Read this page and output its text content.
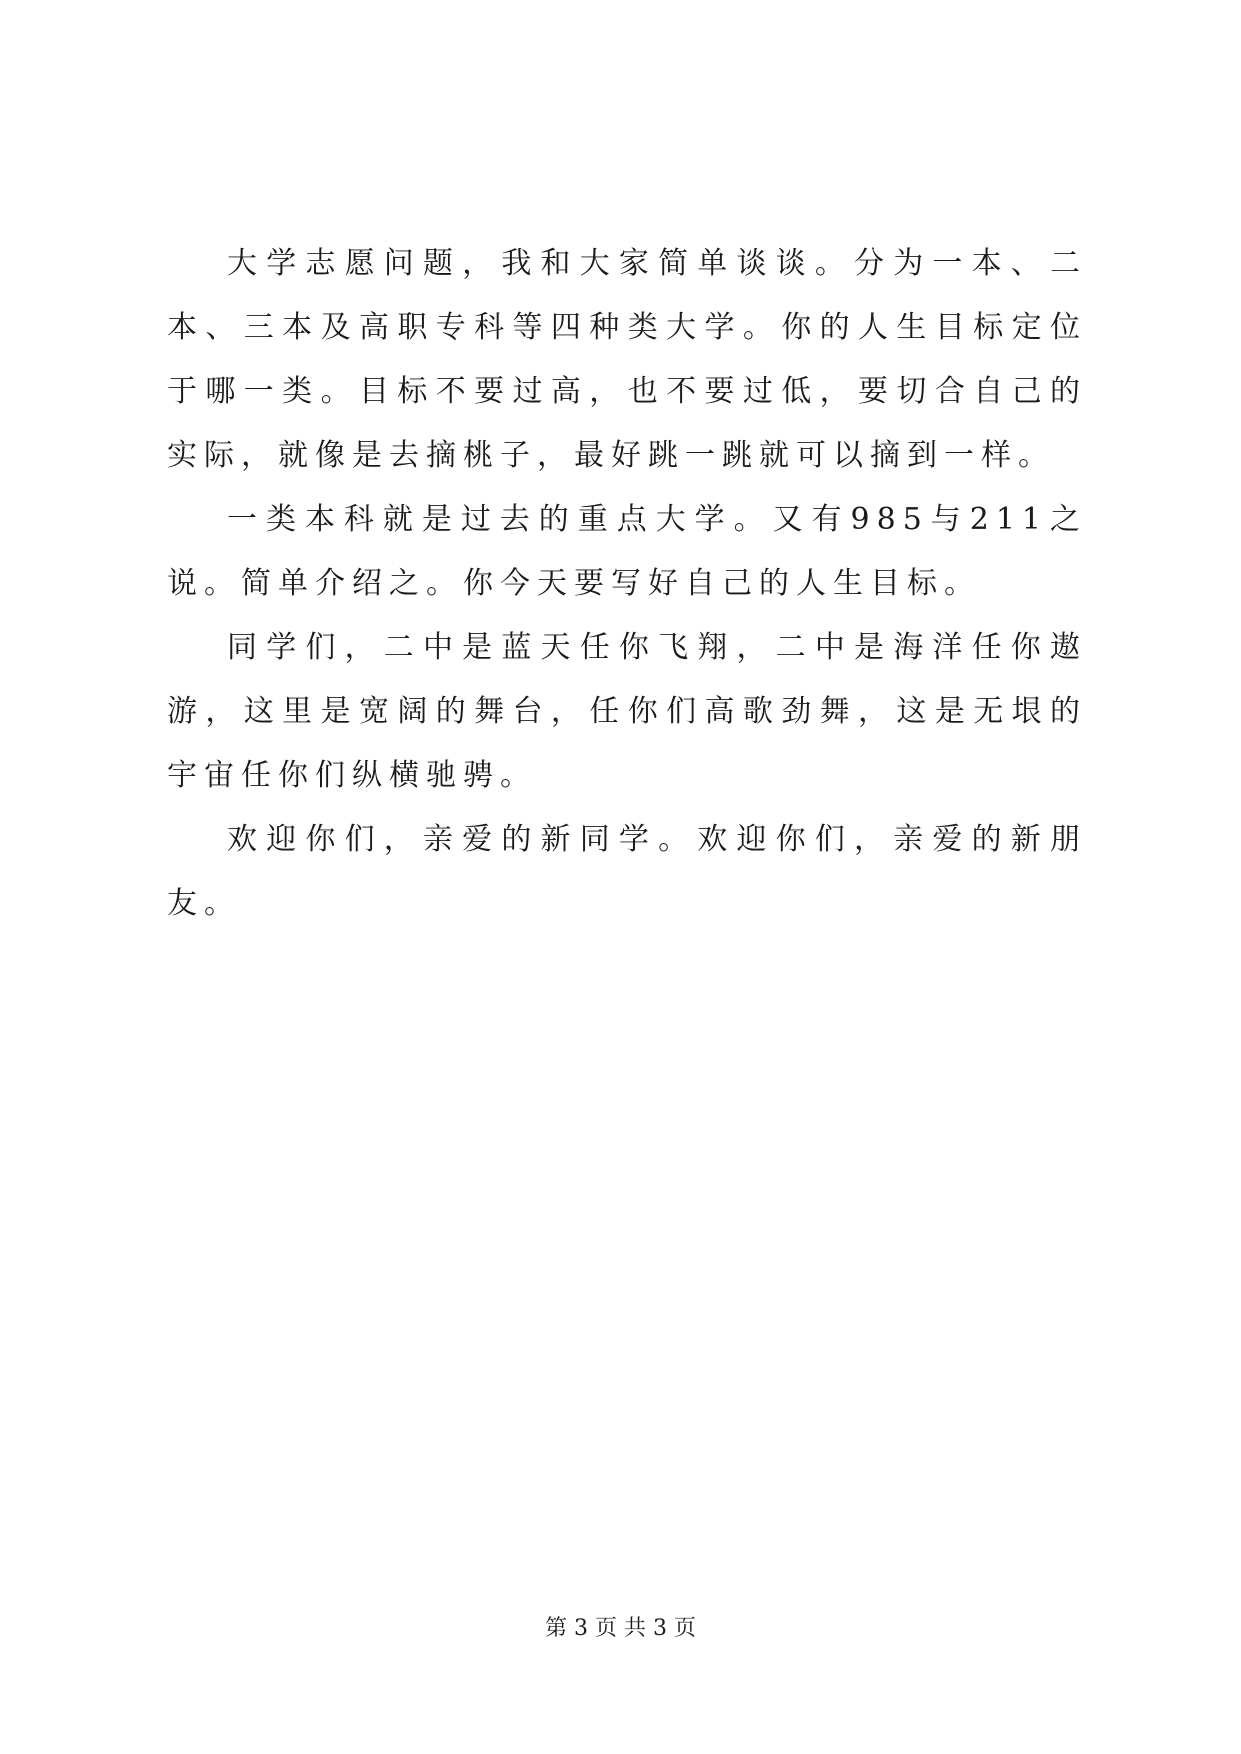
大学志愿问题，我和大家简单谈谈。分为一本、二本、三本及高职专科等四种类大学。你的人生目标定位于哪一类。目标不要过高，也不要过低，要切合自己的实际，就像是去摘桃子，最好跳一跳就可以摘到一样。

一类本科就是过去的重点大学。又有985与211之说。简单介绍之。你今天要写好自己的人生目标。

同学们，二中是蓝天任你飞翔，二中是海洋任你遨游，这里是宽阔的舞台，任你们高歌劲舞，这是无垠的宇宙任你们纵横驰骋。

欢迎你们，亲爱的新同学。欢迎你们，亲爱的新朋友。

第 3 页 共 3 页
